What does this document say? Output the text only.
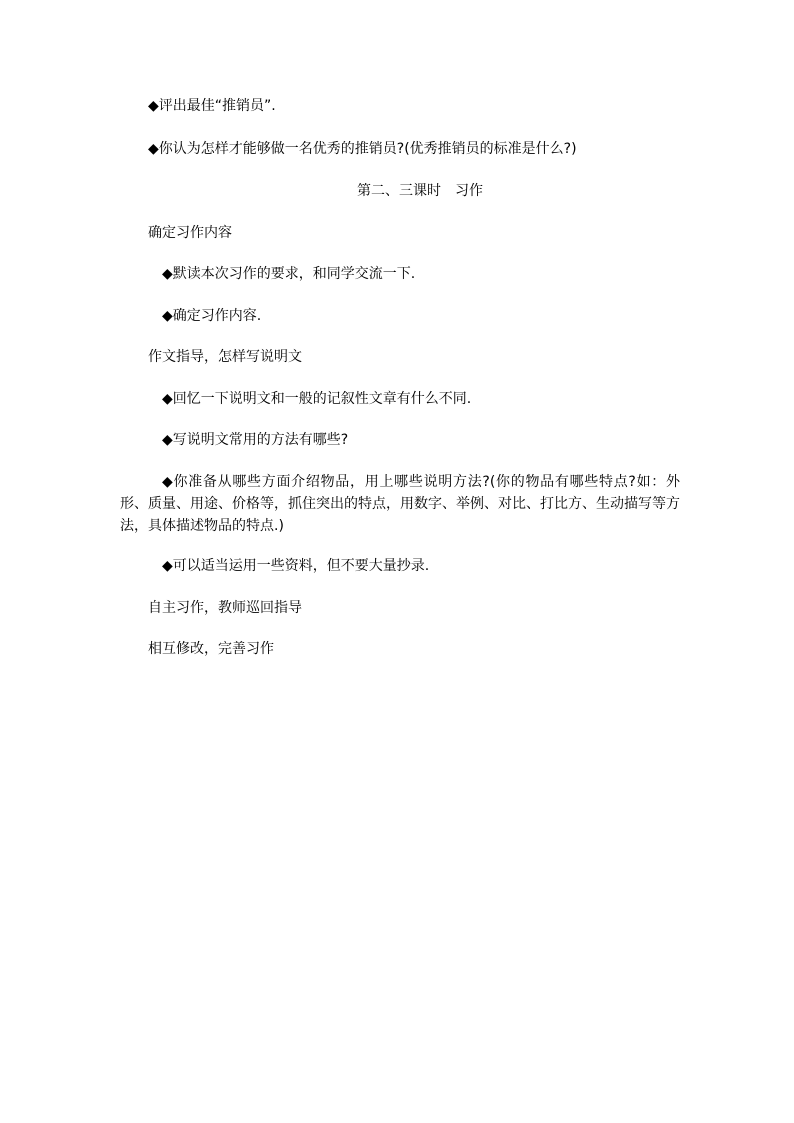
◆评出最佳“推销员”.
◆你认为怎样才能够做一名优秀的推销员?(优秀推销员的标准是什么?)
第二、三课时　习作
确定习作内容
◆默读本次习作的要求，和同学交流一下.
◆确定习作内容.
作文指导，怎样写说明文
◆回忆一下说明文和一般的记叙性文章有什么不同.
◆写说明文常用的方法有哪些?
◆你准备从哪些方面介绍物品，用上哪些说明方法?(你的物品有哪些特点?如：外形、质量、用途、价格等，抓住突出的特点，用数字、举例、对比、打比方、生动描写等方法，具体描述物品的特点.)
◆可以适当运用一些资料，但不要大量抄录.
自主习作，教师巡回指导
相互修改，完善习作
